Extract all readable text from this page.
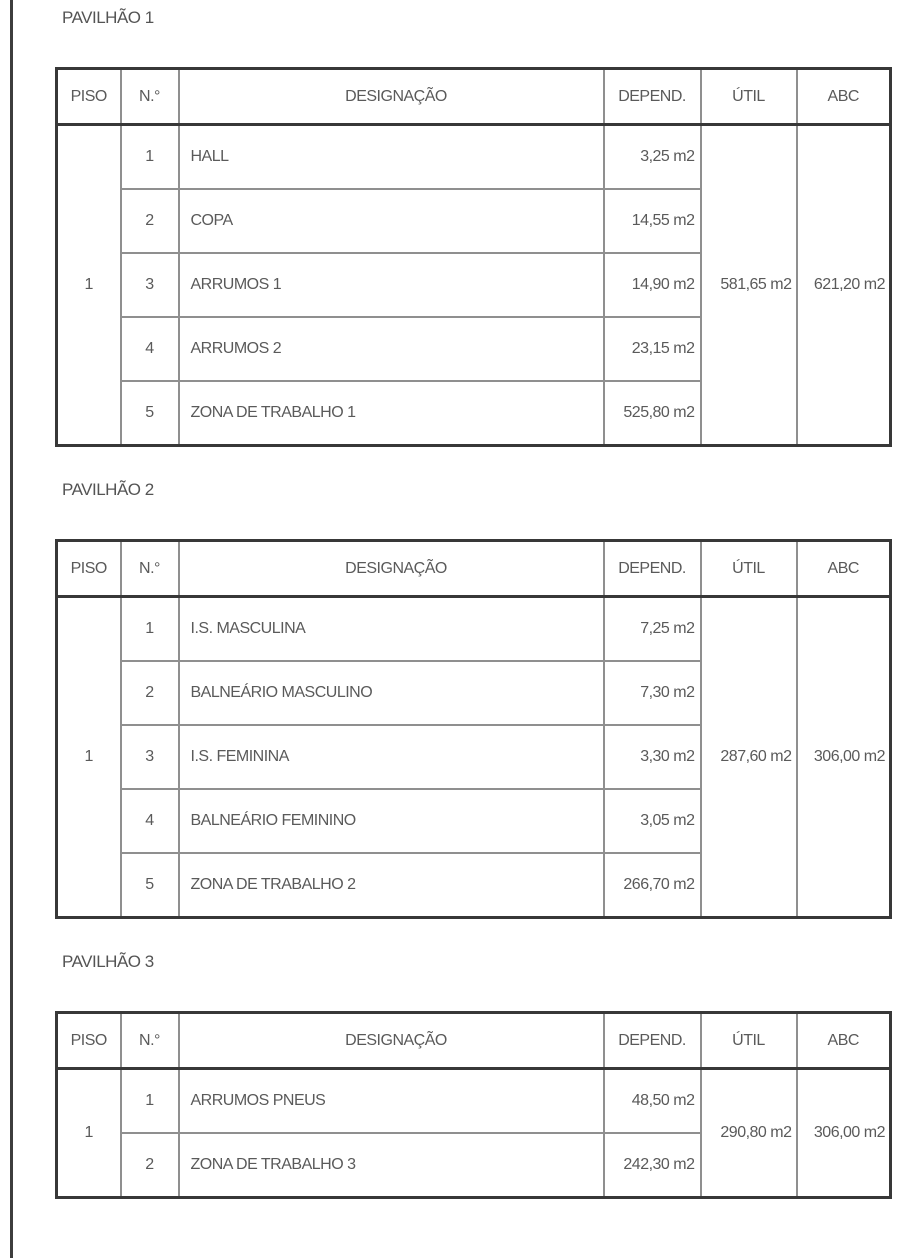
PAVILHÃO 1
PISO	N.°	DESIGNAÇÃO	DEPEND.	ÚTIL	ABC
1	1	HALL	3,25 m2	581,65 m2	621,20 m2
	2	COPA	14,55 m2		
	3	ARRUMOS 1	14,90 m2		
	4	ARRUMOS 2	23,15 m2		
	5	ZONA DE TRABALHO 1	525,80 m2		
PAVILHÃO 2
PISO	N.°	DESIGNAÇÃO	DEPEND.	ÚTIL	ABC
1	1	I.S. MASCULINA	7,25 m2	287,60 m2	306,00 m2
	2	BALNEÁRIO MASCULINO	7,30 m2		
	3	I.S. FEMININA	3,30 m2		
	4	BALNEÁRIO FEMININO	3,05 m2		
	5	ZONA DE TRABALHO 2	266,70 m2		
PAVILHÃO 3
PISO	N.°	DESIGNAÇÃO	DEPEND.	ÚTIL	ABC
1	1	ARRUMOS PNEUS	48,50 m2	290,80 m2	306,00 m2
	2	ZONA DE TRABALHO 3	242,30 m2		
